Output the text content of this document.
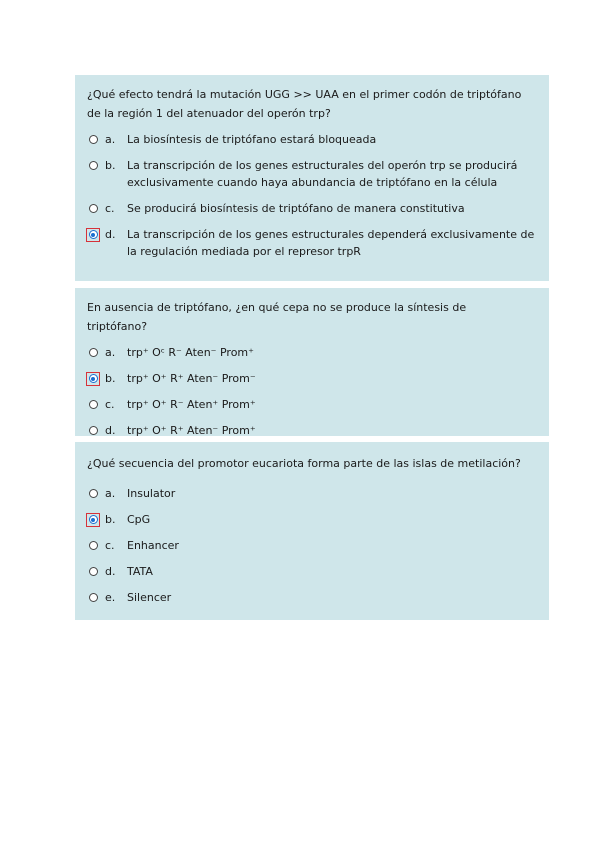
¿Qué efecto tendrá la mutación UGG >> UAA en el primer codón de triptófano de la región 1 del atenuador del operón trp?

a.	La biosíntesis de triptófano estará bloqueada
b.	La transcripción de los genes estructurales del operón trp se producirá exclusivamente cuando haya abundancia de triptófano en la célula
c.	Se producirá biosíntesis de triptófano de manera constitutiva
d.	La transcripción de los genes estructurales dependerá exclusivamente de la regulación mediada por el represor trpR

En ausencia de triptófano, ¿en qué cepa no se produce la síntesis de triptófano?

a.	trp⁺ Oᶜ R⁻ Aten⁻ Prom⁺
b.	trp⁺ O⁺ R⁺ Aten⁻ Prom⁻
c.	trp⁺ O⁺ R⁻ Aten⁺ Prom⁺
d.	trp⁺ O⁺ R⁺ Aten⁻ Prom⁺

¿Qué secuencia del promotor eucariota forma parte de las islas de metilación?

a.	Insulator
b.	CpG
c.	Enhancer
d.	TATA
e.	Silencer
